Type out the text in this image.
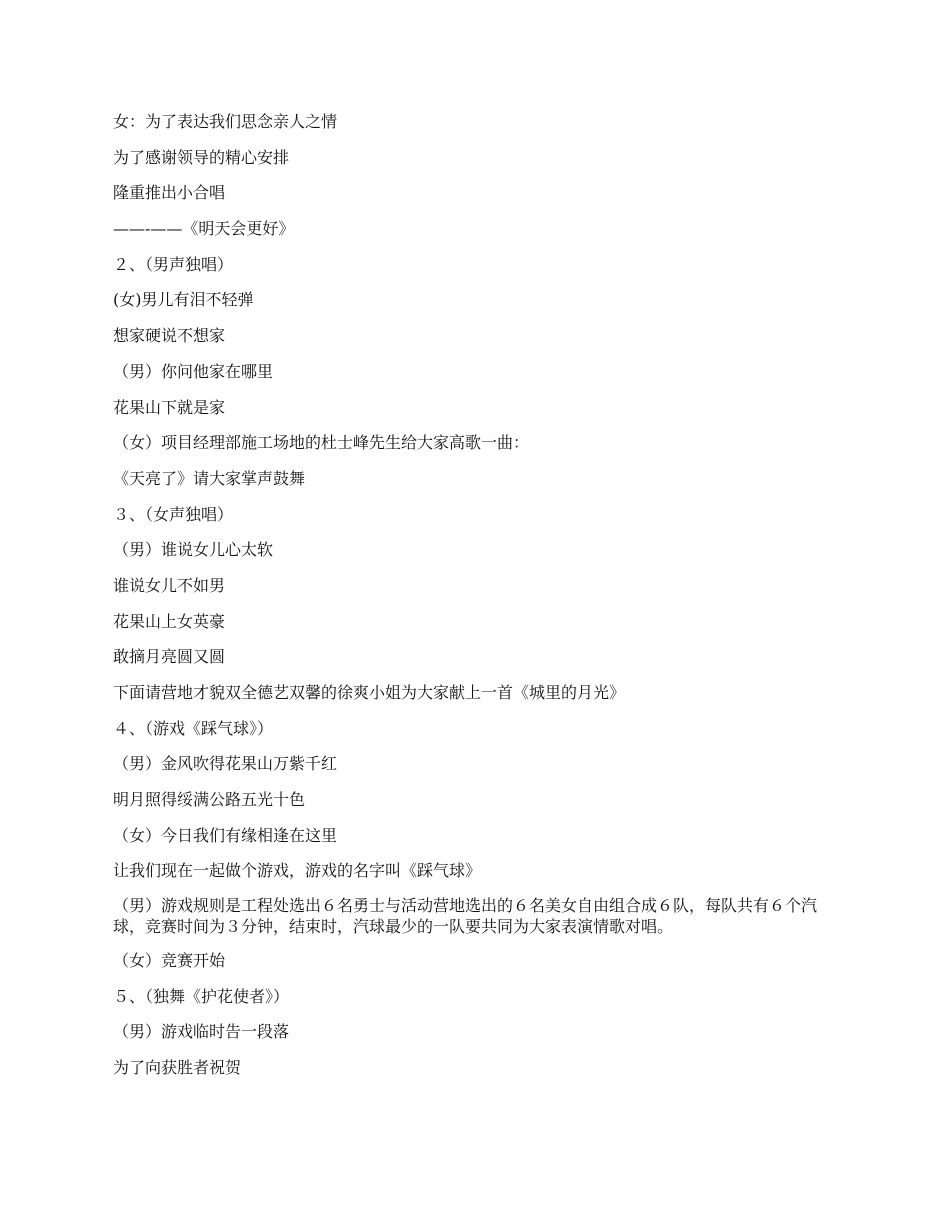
女：为了表达我们思念亲人之情

为了感谢领导的精心安排

隆重推出小合唱

——-——《明天会更好》

２、（男声独唱）

(女)男儿有泪不轻弹

想家硬说不想家

（男）你问他家在哪里

花果山下就是家

（女）项目经理部施工场地的杜士峰先生给大家高歌一曲：

《天亮了》请大家掌声鼓舞

３、（女声独唱）

（男）谁说女儿心太软

谁说女儿不如男

花果山上女英豪

敢摘月亮圆又圆

下面请营地才貌双全德艺双馨的徐爽小姐为大家献上一首《城里的月光》

４、（游戏《踩气球》）

（男）金风吹得花果山万紫千红

明月照得绥满公路五光十色

（女）今日我们有缘相逢在这里

让我们现在一起做个游戏，游戏的名字叫《踩气球》

（男）游戏规则是工程处选出６名勇士与活动营地选出的６名美女自由组合成６队，每队共有６个汽球，竞赛时间为３分钟，结束时，汽球最少的一队要共同为大家表演情歌对唱。

（女）竞赛开始

５、（独舞《护花使者》）

（男）游戏临时告一段落

为了向获胜者祝贺
